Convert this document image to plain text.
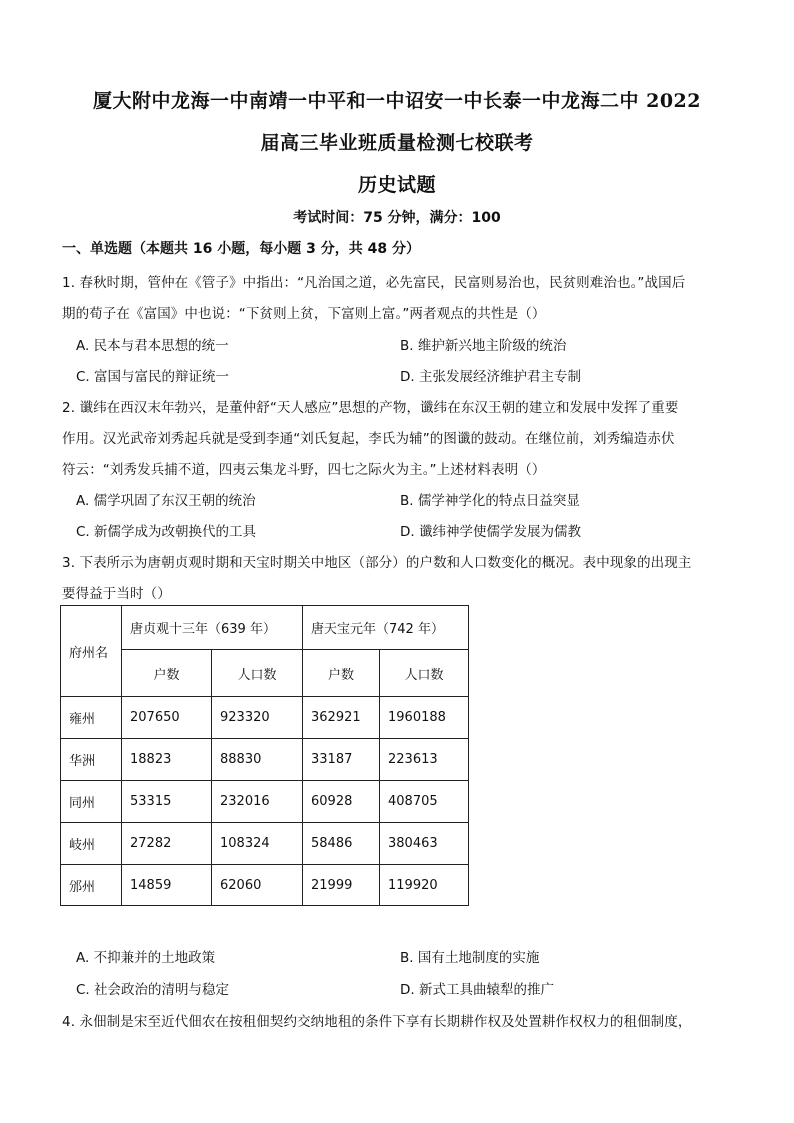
厦大附中龙海一中南靖一中平和一中诏安一中长泰一中龙海二中 2022
届高三毕业班质量检测七校联考
历史试题
考试时间：75 分钟，满分：100
一、单选题（本题共 16 小题，每小题 3 分，共 48 分）
1. 春秋时期，管仲在《管子》中指出：“凡治国之道，必先富民，民富则易治也，民贫则难治也。”战国后
期的荀子在《富国》中也说：“下贫则上贫，下富则上富。”两者观点的共性是（）
A. 民本与君本思想的统一	B. 维护新兴地主阶级的统治
C. 富国与富民的辩证统一	D. 主张发展经济维护君主专制
2. 谶纬在西汉末年勃兴，是董仲舒“天人感应”思想的产物，谶纬在东汉王朝的建立和发展中发挥了重要
作用。汉光武帝刘秀起兵就是受到李通“刘氏复起，李氏为辅”的图谶的鼓动。在继位前，刘秀编造赤伏
符云：“刘秀发兵捕不道，四夷云集龙斗野，四七之际火为主。”上述材料表明（）
A. 儒学巩固了东汉王朝的统治	B. 儒学神学化的特点日益突显
C. 新儒学成为改朝换代的工具	D. 谶纬神学使儒学发展为儒教
3. 下表所示为唐朝贞观时期和天宝时期关中地区（部分）的户数和人口数变化的概况。表中现象的出现主
要得益于当时（）
府州名	唐贞观十三年（639 年）		唐天宝元年（742 年）	
	户数	人口数	户数	人口数
雍州	207650	923320	362921	1960188
华洲	18823	88830	33187	223613
同州	53315	232016	60928	408705
岐州	27282	108324	58486	380463
邠州	14859	62060	21999	119920
A. 不抑兼并的土地政策	B. 国有土地制度的实施
C. 社会政治的清明与稳定	D. 新式工具曲辕犁的推广
4. 永佃制是宋至近代佃农在按租佃契约交纳地租的条件下享有长期耕作权及处置耕作权权力的租佃制度，
